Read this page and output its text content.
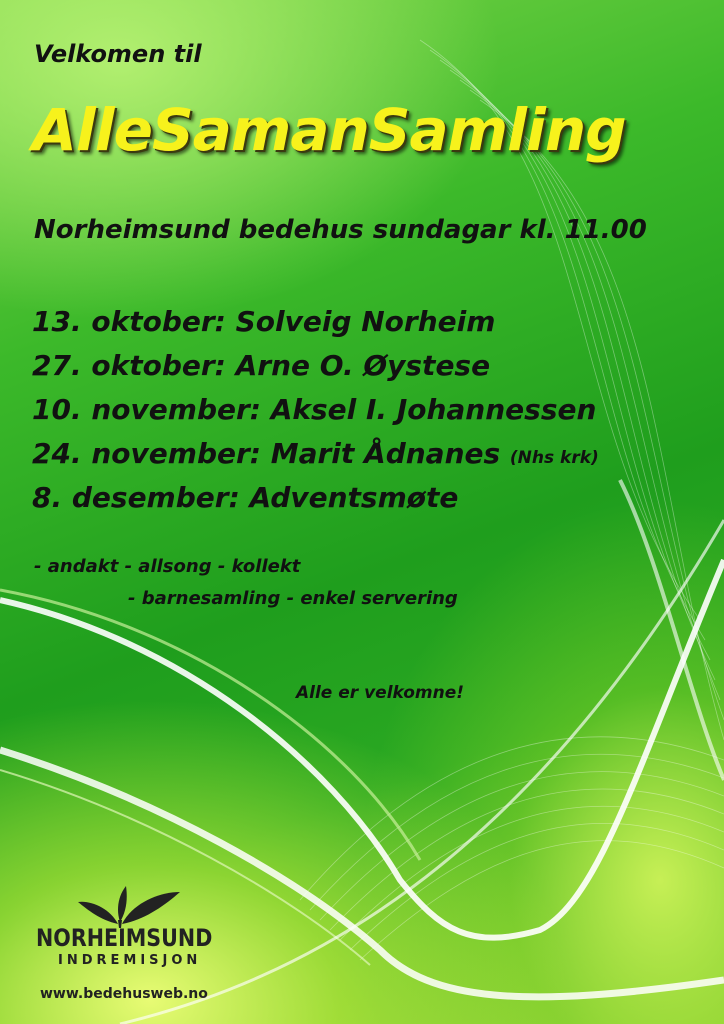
Velkomen til
AlleSamanSamling
Norheimsund bedehus sundagar kl. 11.00
13. oktober: Solveig Norheim
27. oktober: Arne O. Øystese
10. november: Aksel I. Johannessen
24. november: Marit Ådnanes (Nhs krk)
8. desember: Adventsmøte
- andakt - allsong - kollekt
- barnesamling - enkel servering
Alle er velkomne!
NORHEIMSUND
INDREMISJON
www.bedehusweb.no
